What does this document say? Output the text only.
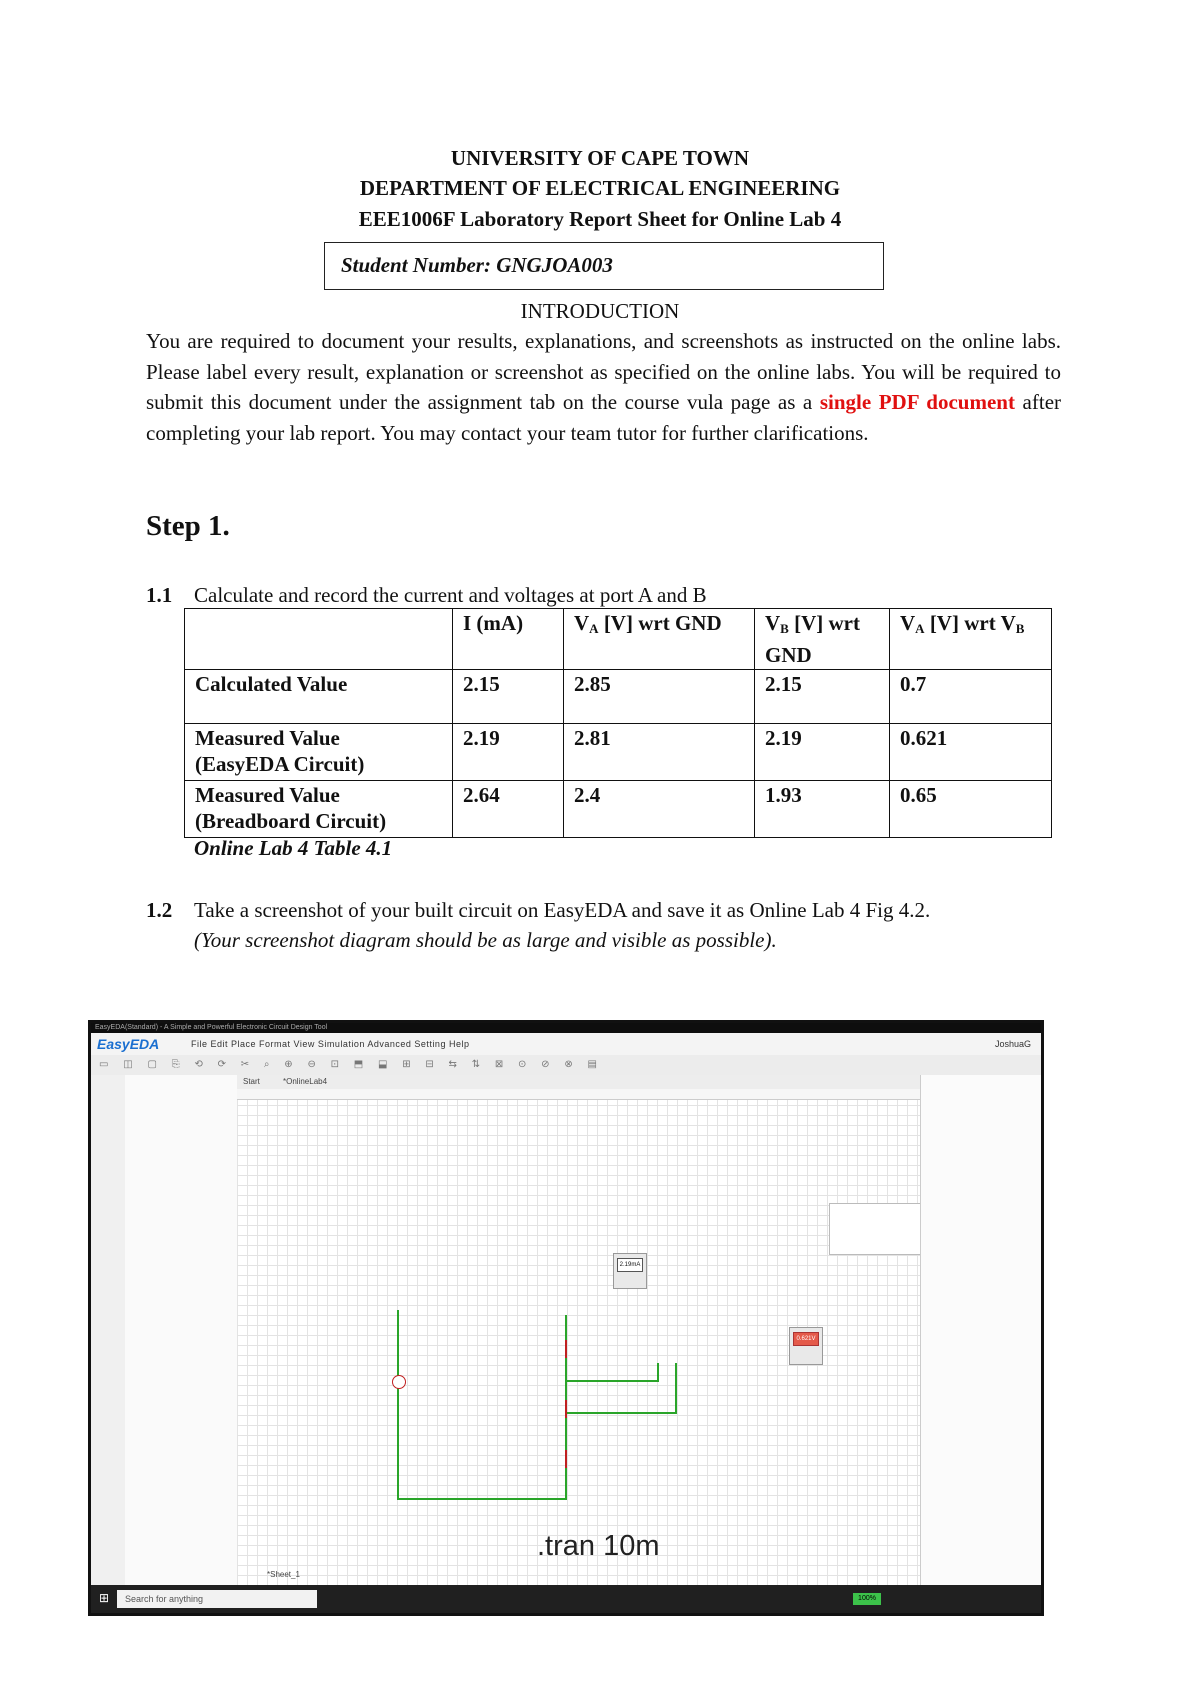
UNIVERSITY OF CAPE TOWN
DEPARTMENT OF ELECTRICAL ENGINEERING
EEE1006F Laboratory Report Sheet for Online Lab 4
Student Number: GNGJOA003
INTRODUCTION
You are required to document your results, explanations, and screenshots as instructed on the online labs. Please label every result, explanation or screenshot as specified on the online labs. You will be required to submit this document under the assignment tab on the course vula page as a single PDF document after completing your lab report. You may contact your team tutor for further clarifications.
Step 1.
1.1 Calculate and record the current and voltages at port A and B
	I (mA)	$V_A$ [V] wrt GND	$V_B$ [V] wrt GND	$V_A$ [V] wrt $V_B$
Calculated Value	2.15	2.85	2.15	0.7
Measured Value
(EasyEDA Circuit)	2.19	2.81	2.19	0.621
Measured Value
(Breadboard Circuit)	2.64	2.4	1.93	0.65
Online Lab 4 Table 4.1
1.2 Take a screenshot of your built circuit on EasyEDA and save it as Online Lab 4 Fig 4.2.
(Your screenshot diagram should be as large and visible as possible).
EasyEDA(Standard) - A Simple and Powerful Electronic Circuit Design Tool
EasyEDA	File Edit Place Format View Simulation Advanced Setting Help	JoshuaG
▭ ◫ ▢ ⎘ ⟲ ⟳ ✂ ⌕ ⊕ ⊖ ⊡ ⬒ ⬓ ⊞ ⊟ ⇆ ⇅ ⊠ ⊙ ⊘ ⊗ ▤
Start	*OnlineLab4
2.19mA
0.621V
.tran 10m
*Sheet_1
⊞	Search for anything	100%
